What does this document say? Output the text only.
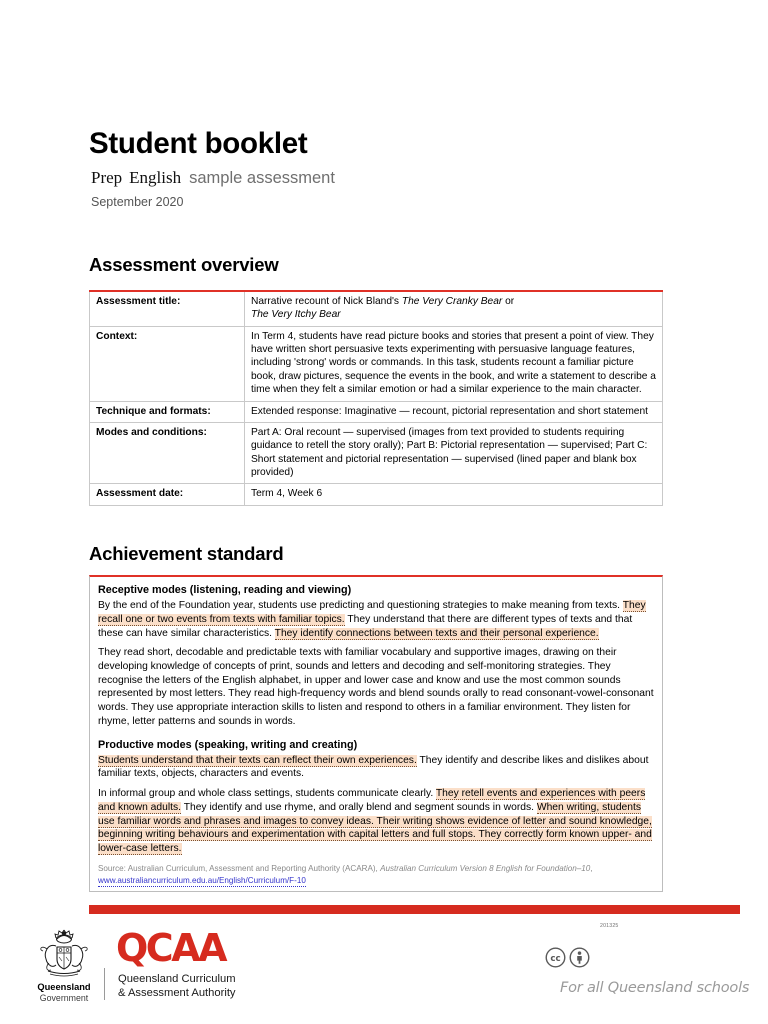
Student booklet

Prep English sample assessment

September 2020

Assessment overview
Assessment title:	Narrative recount of Nick Bland's The Very Cranky Bear or
The Very Itchy Bear
Context:	In Term 4, students have read picture books and stories that present a point of view. They have written short persuasive texts experimenting with persuasive language features, including 'strong' words or commands. In this task, students recount a familiar picture book, draw pictures, sequence the events in the book, and write a statement to describe a time when they felt a similar emotion or had a similar experience to the main character.
Technique and formats:	Extended response: Imaginative — recount, pictorial representation and short statement
Modes and conditions:	Part A: Oral recount — supervised (images from text provided to students requiring guidance to retell the story orally); Part B: Pictorial representation — supervised; Part C: Short statement and pictorial representation — supervised (lined paper and blank box provided)
Assessment date:	Term 4, Week 6
Achievement standard

Receptive modes (listening, reading and viewing)

By the end of the Foundation year, students use predicting and questioning strategies to make meaning from texts. They recall one or two events from texts with familiar topics. They understand that there are different types of texts and that these can have similar characteristics. They identify connections between texts and their personal experience.

They read short, decodable and predictable texts with familiar vocabulary and supportive images, drawing on their developing knowledge of concepts of print, sounds and letters and decoding and self-monitoring strategies. They recognise the letters of the English alphabet, in upper and lower case and know and use the most common sounds represented by most letters. They read high-frequency words and blend sounds orally to read consonant-vowel-consonant words. They use appropriate interaction skills to listen and respond to others in a familiar environment. They listen for rhyme, letter patterns and sounds in words.

Productive modes (speaking, writing and creating)

Students understand that their texts can reflect their own experiences. They identify and describe likes and dislikes about familiar texts, objects, characters and events.

In informal group and whole class settings, students communicate clearly. They retell events and experiences with peers and known adults. They identify and use rhyme, and orally blend and segment sounds in words. When writing, students use familiar words and phrases and images to convey ideas. Their writing shows evidence of letter and sound knowledge, beginning writing behaviours and experimentation with capital letters and full stops. They correctly form known upper- and lower-case letters.

Source: Australian Curriculum, Assessment and Reporting Authority (ACARA), Australian Curriculum Version 8 English for Foundation–10,
www.australiancurriculum.edu.au/English/Curriculum/F-10

Queensland
Government
QCAA
Queensland Curriculum
& Assessment Authority
201325
cc
For all Queensland schools
